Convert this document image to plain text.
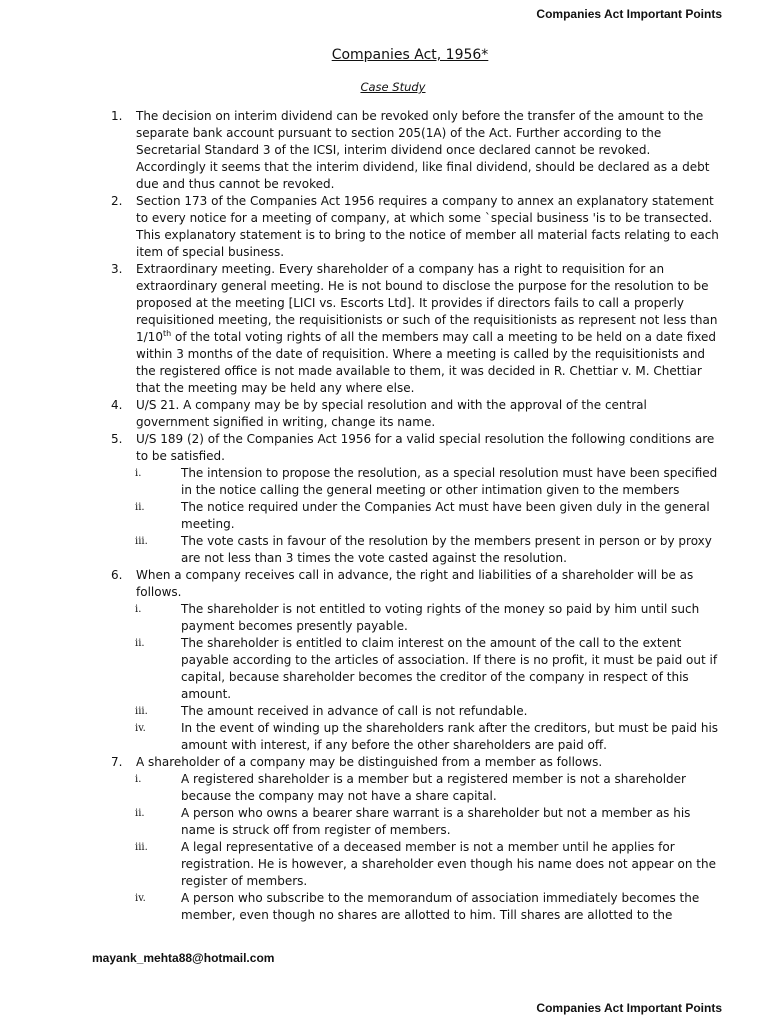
Companies Act Important Points
Companies Act, 1956*
Case Study
1. The decision on interim dividend can be revoked only before the transfer of the amount to the separate bank account pursuant to section 205(1A) of the Act. Further according to the Secretarial Standard 3 of the ICSI, interim dividend once declared cannot be revoked. Accordingly it seems that the interim dividend, like final dividend, should be declared as a debt due and thus cannot be revoked.
2. Section 173 of the Companies Act 1956 requires a company to annex an explanatory statement to every notice for a meeting of company, at which some `special business 'is to be transected. This explanatory statement is to bring to the notice of member all material facts relating to each item of special business.
3. Extraordinary meeting. Every shareholder of a company has a right to requisition for an extraordinary general meeting. He is not bound to disclose the purpose for the resolution to be proposed at the meeting [LICI vs. Escorts Ltd]. It provides if directors fails to call a properly requisitioned meeting, the requisitionists or such of the requisitionists as represent not less than 1/10th of the total voting rights of all the members may call a meeting to be held on a date fixed within 3 months of the date of requisition. Where a meeting is called by the requisitionists and the registered office is not made available to them, it was decided in R. Chettiar v. M. Chettiar that the meeting may be held any where else.
4. U/S 21. A company may be by special resolution and with the approval of the central government signified in writing, change its name.
5. U/S 189 (2) of the Companies Act 1956 for a valid special resolution the following conditions are to be satisfied.
i.	The intension to propose the resolution, as a special resolution must have been specified in the notice calling the general meeting or other intimation given to the members
ii.	The notice required under the Companies Act must have been given duly in the general meeting.
iii.	The vote casts in favour of the resolution by the members present in person or by proxy are not less than 3 times the vote casted against the resolution.
6. When a company receives call in advance, the right and liabilities of a shareholder will be as follows.
i.	The shareholder is not entitled to voting rights of the money so paid by him until such payment becomes presently payable.
ii.	The shareholder is entitled to claim interest on the amount of the call to the extent payable according to the articles of association. If there is no profit, it must be paid out if capital, because shareholder becomes the creditor of the company in respect of this amount.
iii.	The amount received in advance of call is not refundable.
iv.	In the event of winding up the shareholders rank after the creditors, but must be paid his amount with interest, if any before the other shareholders are paid off.
7. A shareholder of a company may be distinguished from a member as follows.
i.	A registered shareholder is a member but a registered member is not a shareholder because the company may not have a share capital.
ii.	A person who owns a bearer share warrant is a shareholder but not a member as his name is struck off from register of members.
iii.	A legal representative of a deceased member is not a member until he applies for registration. He is however, a shareholder even though his name does not appear on the register of members.
iv.	A person who subscribe to the memorandum of association immediately becomes the member, even though no shares are allotted to him. Till shares are allotted to the
mayank_mehta88@hotmail.com
Companies Act Important Points
